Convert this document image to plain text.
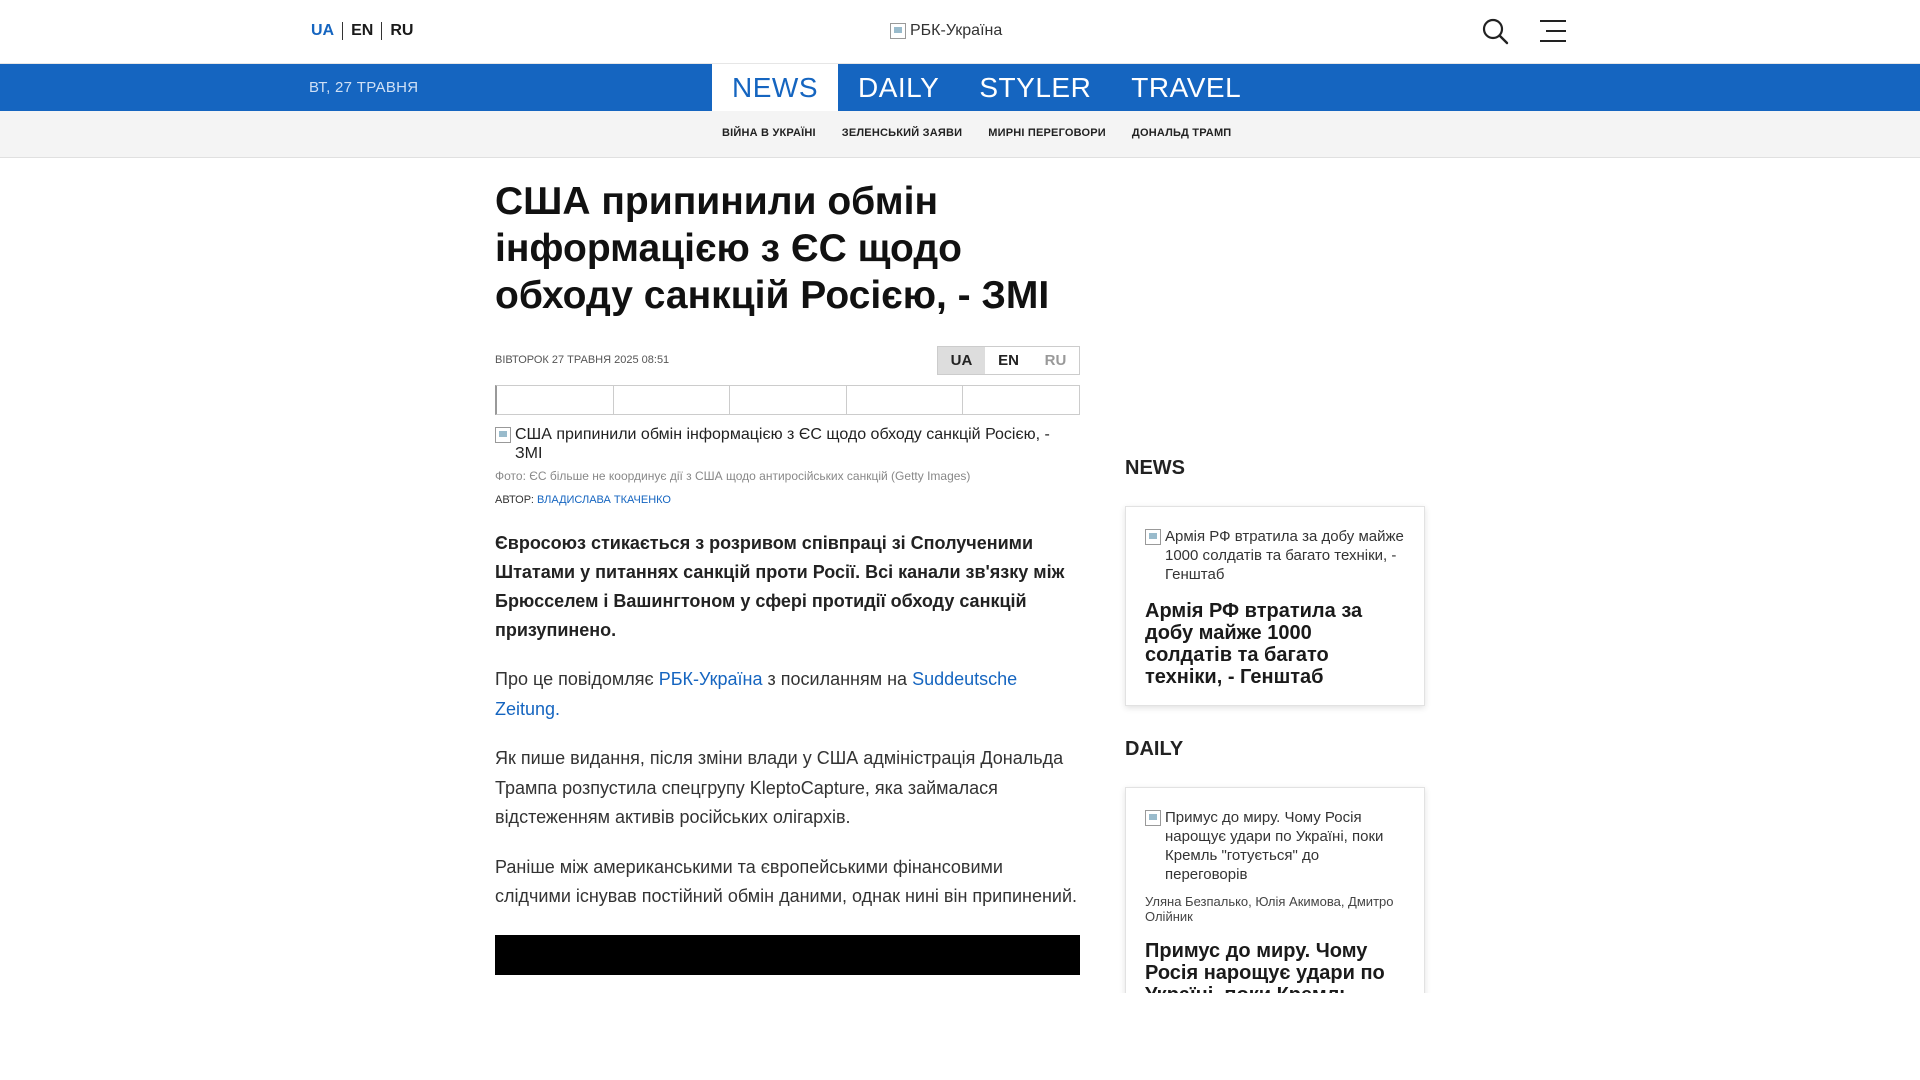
UA	EN	RU	РБК-Україна
ВТ, 27 ТРАВНЯ	NEWS	DAILY	STYLER	TRAVEL
ВІЙНА В УКРАЇНІ ЗЕЛЕНСЬКИЙ ЗАЯВИ МИРНІ ПЕРЕГОВОРИ ДОНАЛЬД ТРАМП
США припинили обмін інформацією з ЄС щодо обходу санкцій Росією, - ЗМІ
ВІВТОРОК 27 ТРАВНЯ 2025 08:51	UA	EN	RU
США припинили обмін інформацією з ЄС щодо обходу санкцій Росією, - ЗМІ
Фото: ЄС більше не координує дії з США щодо антиросійських санкцій (Getty Images)
АВТОР: ВЛАДИСЛАВА ТКАЧЕНКО

Євросоюз стикається з розривом співпраці зі Сполученими Штатами у питаннях санкцій проти Росії. Всі канали зв'язку між Брюсселем і Вашингтоном у сфері протидії обходу санкцій призупинено.

Про це повідомляє РБК-Україна з посиланням на Suddeutsche Zeitung.

Як пише видання, після зміни влади у США адміністрація Дональда Трампа розпустила спецгрупу KleptoCapture, яка займалася відстеженням активів російських олігархів.

Раніше між американськими та європейськими фінансовими слідчими існував постійний обмін даними, однак нині він припинений.

NEWS
Армія РФ втратила за добу майже 1000 солдатів та багато техніки, - Генштаб
Армія РФ втратила за добу майже 1000 солдатів та багато техніки, - Генштаб
DAILY
Примус до миру. Чому Росія нарощує удари по Україні, поки Кремль "готується" до переговорів
Уляна Безпалько, Юлія Акимова, Дмитро Олійник
Примус до миру. Чому Росія нарощує удари по
